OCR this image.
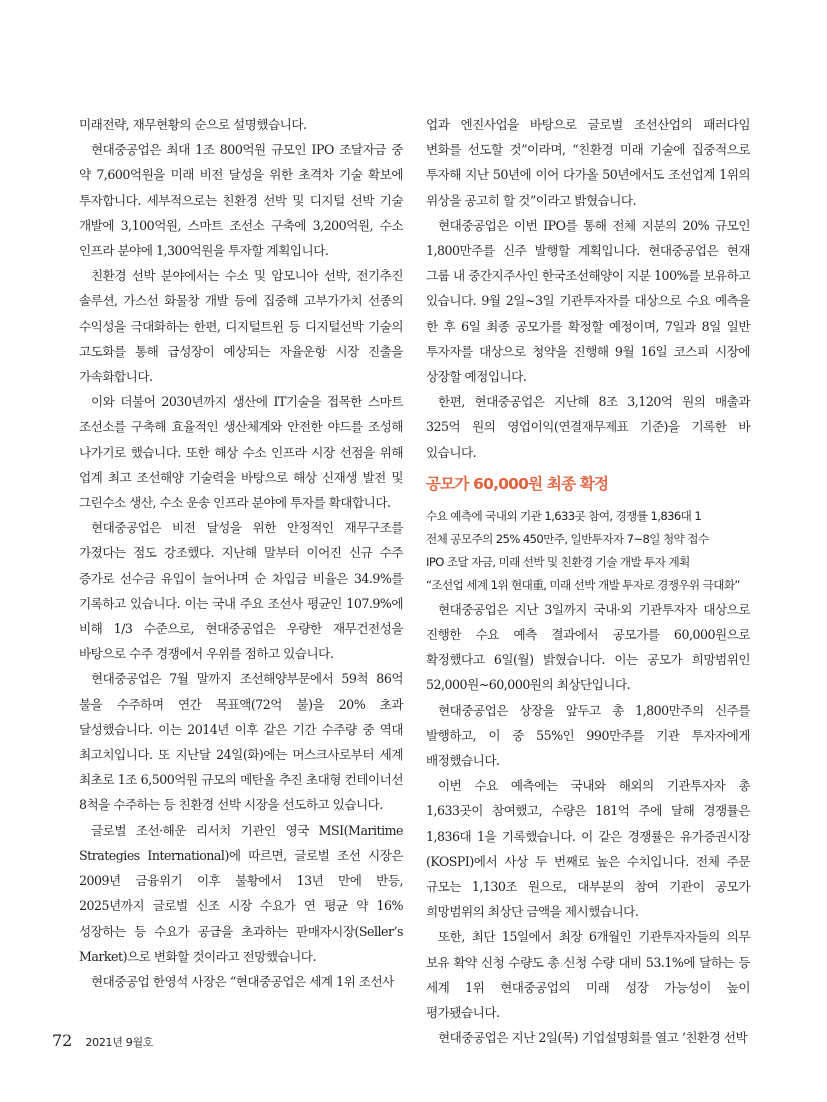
미래전략, 재무현황의 순으로 설명했습니다.

현대중공업은 최대 1조 800억원 규모인 IPO 조달자금 중 약 7,600억원을 미래 비전 달성을 위한 초격차 기술 확보에 투자합니다. 세부적으로는 친환경 선박 및 디지털 선박 기술 개발에 3,100억원, 스마트 조선소 구축에 3,200억원, 수소 인프라 분야에 1,300억원을 투자할 계획입니다.

친환경 선박 분야에서는 수소 및 암모니아 선박, 전기추진 솔루션, 가스선 화물창 개발 등에 집중해 고부가가치 선종의 수익성을 극대화하는 한편, 디지털트윈 등 디지털선박 기술의 고도화를 통해 급성장이 예상되는 자율운항 시장 진출을 가속화합니다.

이와 더불어 2030년까지 생산에 IT기술을 접목한 스마트 조선소를 구축해 효율적인 생산체계와 안전한 야드를 조성해 나가기로 했습니다. 또한 해상 수소 인프라 시장 선점을 위해 업계 최고 조선해양 기술력을 바탕으로 해상 신재생 발전 및 그린수소 생산, 수소 운송 인프라 분야에 투자를 확대합니다.

현대중공업은 비전 달성을 위한 안정적인 재무구조를 가졌다는 점도 강조했다. 지난해 말부터 이어진 신규 수주 증가로 선수금 유입이 늘어나며 순 차입금 비율은 34.9%를 기록하고 있습니다. 이는 국내 주요 조선사 평균인 107.9%에 비해 1/3 수준으로, 현대중공업은 우량한 재무건전성을 바탕으로 수주 경쟁에서 우위를 점하고 있습니다.

현대중공업은 7월 말까지 조선해양부문에서 59척 86억 불을 수주하며 연간 목표액(72억 불)을 20% 초과 달성했습니다. 이는 2014년 이후 같은 기간 수주량 중 역대 최고치입니다. 또 지난달 24일(화)에는 머스크사로부터 세계 최초로 1조 6,500억원 규모의 메탄올 추진 초대형 컨테이너선 8척을 수주하는 등 친환경 선박 시장을 선도하고 있습니다.

글로벌 조선·해운 리서치 기관인 영국 MSI(Maritime Strategies International)에 따르면, 글로벌 조선 시장은 2009년 금융위기 이후 불황에서 13년 만에 반등, 2025년까지 글로벌 신조 시장 수요가 연 평균 약 16% 성장하는 등 수요가 공급을 초과하는 판매자시장(Seller’s Market)으로 변화할 것이라고 전망했습니다.

현대중공업 한영석 사장은 “현대중공업은 세계 1위 조선사

업과 엔진사업을 바탕으로 글로벌 조선산업의 패러다임 변화를 선도할 것”이라며, “친환경 미래 기술에 집중적으로 투자해 지난 50년에 이어 다가올 50년에서도 조선업계 1위의 위상을 공고히 할 것”이라고 밝혔습니다.

현대중공업은 이번 IPO를 통해 전체 지분의 20% 규모인 1,800만주를 신주 발행할 계획입니다. 현대중공업은 현재 그룹 내 중간지주사인 한국조선해양이 지분 100%를 보유하고 있습니다. 9월 2일~3일 기관투자자를 대상으로 수요 예측을 한 후 6일 최종 공모가를 확정할 예정이며, 7일과 8일 일반 투자자를 대상으로 청약을 진행해 9월 16일 코스피 시장에 상장할 예정입니다.

한편, 현대중공업은 지난해 8조 3,120억 원의 매출과 325억 원의 영업이익(연결재무제표 기준)을 기록한 바 있습니다.

공모가 60,000원 최종 확정
수요 예측에 국내외 기관 1,633곳 참여, 경쟁률 1,836대 1
전체 공모주의 25% 450만주, 일반투자자 7~8일 청약 접수
IPO 조달 자금, 미래 선박 및 친환경 기술 개발 투자 계획
“조선업 세계 1위 현대重, 미래 선박 개발 투자로 경쟁우위 극대화”

현대중공업은 지난 3일까지 국내·외 기관투자자 대상으로 진행한 수요 예측 결과에서 공모가를 60,000원으로 확정했다고 6일(월) 밝혔습니다. 이는 공모가 희망범위인 52,000원~60,000원의 최상단입니다.

현대중공업은 상장을 앞두고 총 1,800만주의 신주를 발행하고, 이 중 55%인 990만주를 기관 투자자에게 배정했습니다.

이번 수요 예측에는 국내와 해외의 기관투자자 총 1,633곳이 참여했고, 수량은 181억 주에 달해 경쟁률은 1,836대 1을 기록했습니다. 이 같은 경쟁률은 유가증권시장(KOSPI)에서 사상 두 번째로 높은 수치입니다. 전체 주문 규모는 1,130조 원으로, 대부분의 참여 기관이 공모가 희망범위의 최상단 금액을 제시했습니다.

또한, 최단 15일에서 최장 6개월인 기관투자자들의 의무 보유 확약 신청 수량도 총 신청 수량 대비 53.1%에 달하는 등 세계 1위 현대중공업의 미래 성장 가능성이 높이 평가됐습니다.

현대중공업은 지난 2일(목) 기업설명회를 열고 ‘친환경 선박

72 2021년 9월호
